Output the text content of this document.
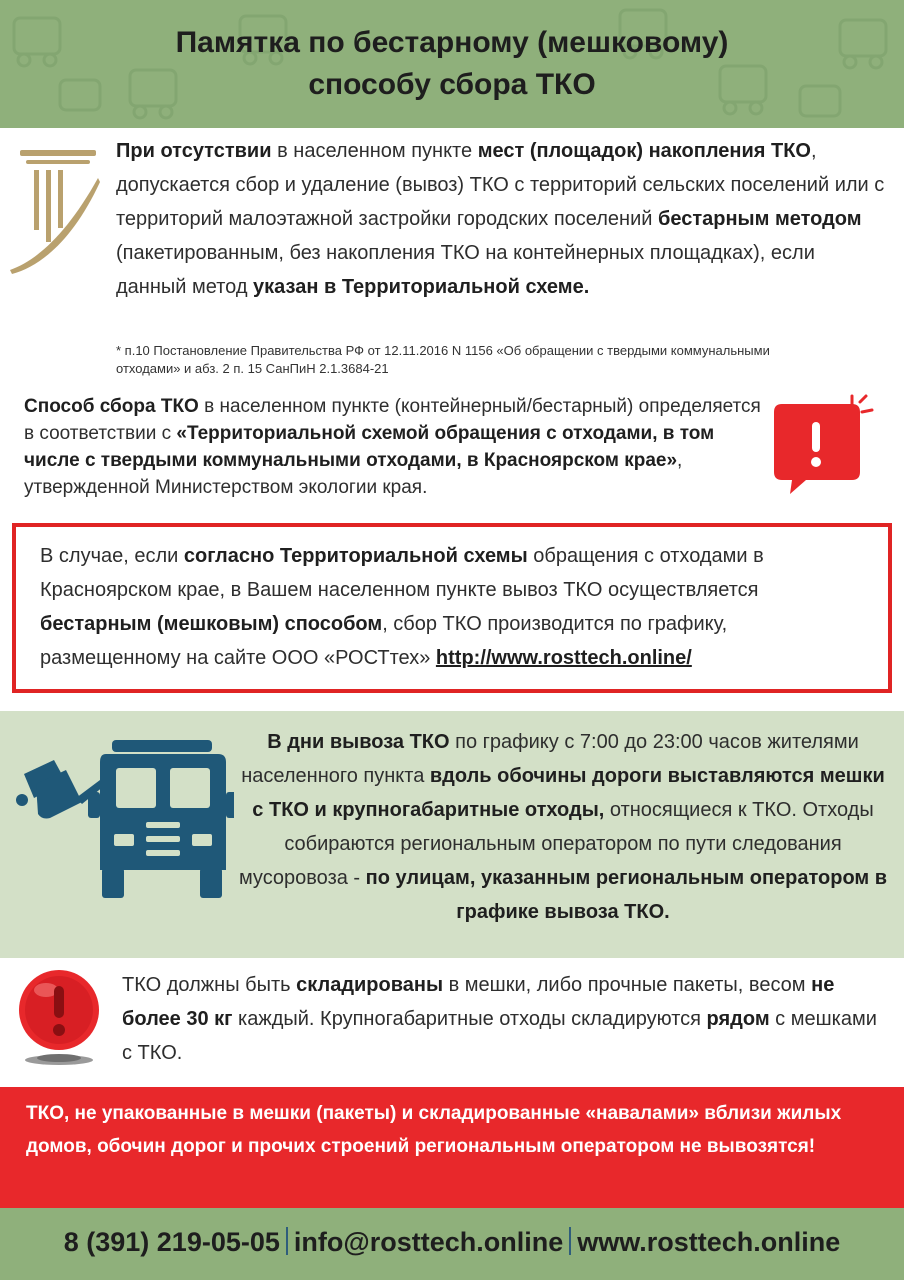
Памятка по бестарному (мешковому)
способу сбора ТКО
При отсутствии в населенном пункте мест (площадок) накопления ТКО, допускается сбор и удаление (вывоз) ТКО с территорий сельских поселений или с территорий малоэтажной застройки городских поселений бестарным методом (пакетированным, без накопления ТКО на контейнерных площадках), если данный метод указан в Территориальной схеме.
* п.10 Постановление Правительства РФ от 12.11.2016 N 1156 «Об обращении с твердыми коммунальными отходами» и абз. 2 п. 15 СанПиН 2.1.3684-21
Способ сбора ТКО в населенном пункте (контейнерный/бестарный) определяется в соответствии с «Территориальной схемой обращения с отходами, в том числе с твердыми коммунальными отходами, в Красноярском крае», утвержденной Министерством экологии края.

В случае, если согласно Территориальной схемы обращения с отходами в Красноярском крае, в Вашем населенном пункте вывоз ТКО осуществляется бестарным (мешковым) способом, сбор ТКО производится по графику, размещенному на сайте ООО «РОСТтех» http://www.rosttech.online/

В дни вывоза ТКО по графику с 7:00 до 23:00 часов жителями населенного пункта вдоль обочины дороги выставляются мешки с ТКО и крупногабаритные отходы, относящиеся к ТКО. Отходы собираются региональным оператором по пути следования мусоровоза - по улицам, указанным региональным оператором в графике вывоза ТКО.

ТКО должны быть складированы в мешки, либо прочные пакеты, весом не более 30 кг каждый. Крупногабаритные отходы складируются рядом с мешками с ТКО.

ТКО, не упакованные в мешки (пакеты) и складированные «навалами» вблизи жилых домов, обочин дорог и прочих строений региональным оператором не вывозятся!

8 (391) 219-05-05 info@rosttech.online www.rosttech.online
